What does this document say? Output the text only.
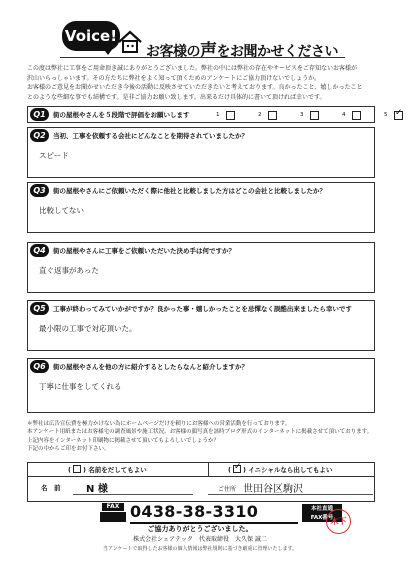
Voice!
お客様の声をお聞かせください
この度は弊社に工事をご用命頂き誠にありがとうございました。弊社の中には弊社の存在やサービスをご存知ないお客様が
沢山いらっしゃいます。その方たちに弊社をよく知って頂くためのアンケートにご協力頂けないでしょうか。
お客様のご意見をお聞かせいただき今後の活動に反映させていただきたいと考えております。良かったこと、嬉しかったこと
とのような些細な事でも結構です。是非ご協力お願い致します。出来るだけ具体的に書いて頂ければ幸いです。
Q1	街の屋根やさんを５段階で評価をお願いします	1	2	3	4	5 ✓
Q2	当初、工事を依頼する会社にどんなことを期待されていましたか？
スピード
Q3	街の屋根やさんにご依頼いただく際に他社と比較しました方はどこの会社と比較しましたか？
比較してない
Q4	街の屋根やさんに工事をご依頼いただいた決め手は何ですか？
直ぐ返事があった
Q5	工事が終わってみていかがですか？良かった事・嬉しかったことを忌憚なく誤酷出来ましたら幸いです
最小限の工事で対応頂いた。
Q6	街の屋根やさんを他の方に紹介するとしたらなんと紹介しますか？
丁寧に仕事をしてくれる
＊弊社は広告宣伝費を極力かけない為にホームページだけを頼りにお客様への営業活動を行っております。
本アンケート用紙またはお客様宅の調査風景や施工状況、お客様の顔写真を該時ブログ形式のインターネットに掲載させて頂いております。
上記内容をインターネット印刷物に掲載させて頂いてもよろしいでしょうか？
下記の中からご印をお付下さい。
( ) 名前をだしてもよい	( ✓ ) イニシャルなら出してもよい
名　前	N 様	ご住所 世田谷区駒沢
FAX 0438-38-3310	本社直通
FAX番号
木下
ご協力ありがとうございました。
株式会社シェアテック　代表取締役　大久保 誠二
当アンケートで取得したお客様の個人情報は弊社規則に基づき厳重に管理いたします。
